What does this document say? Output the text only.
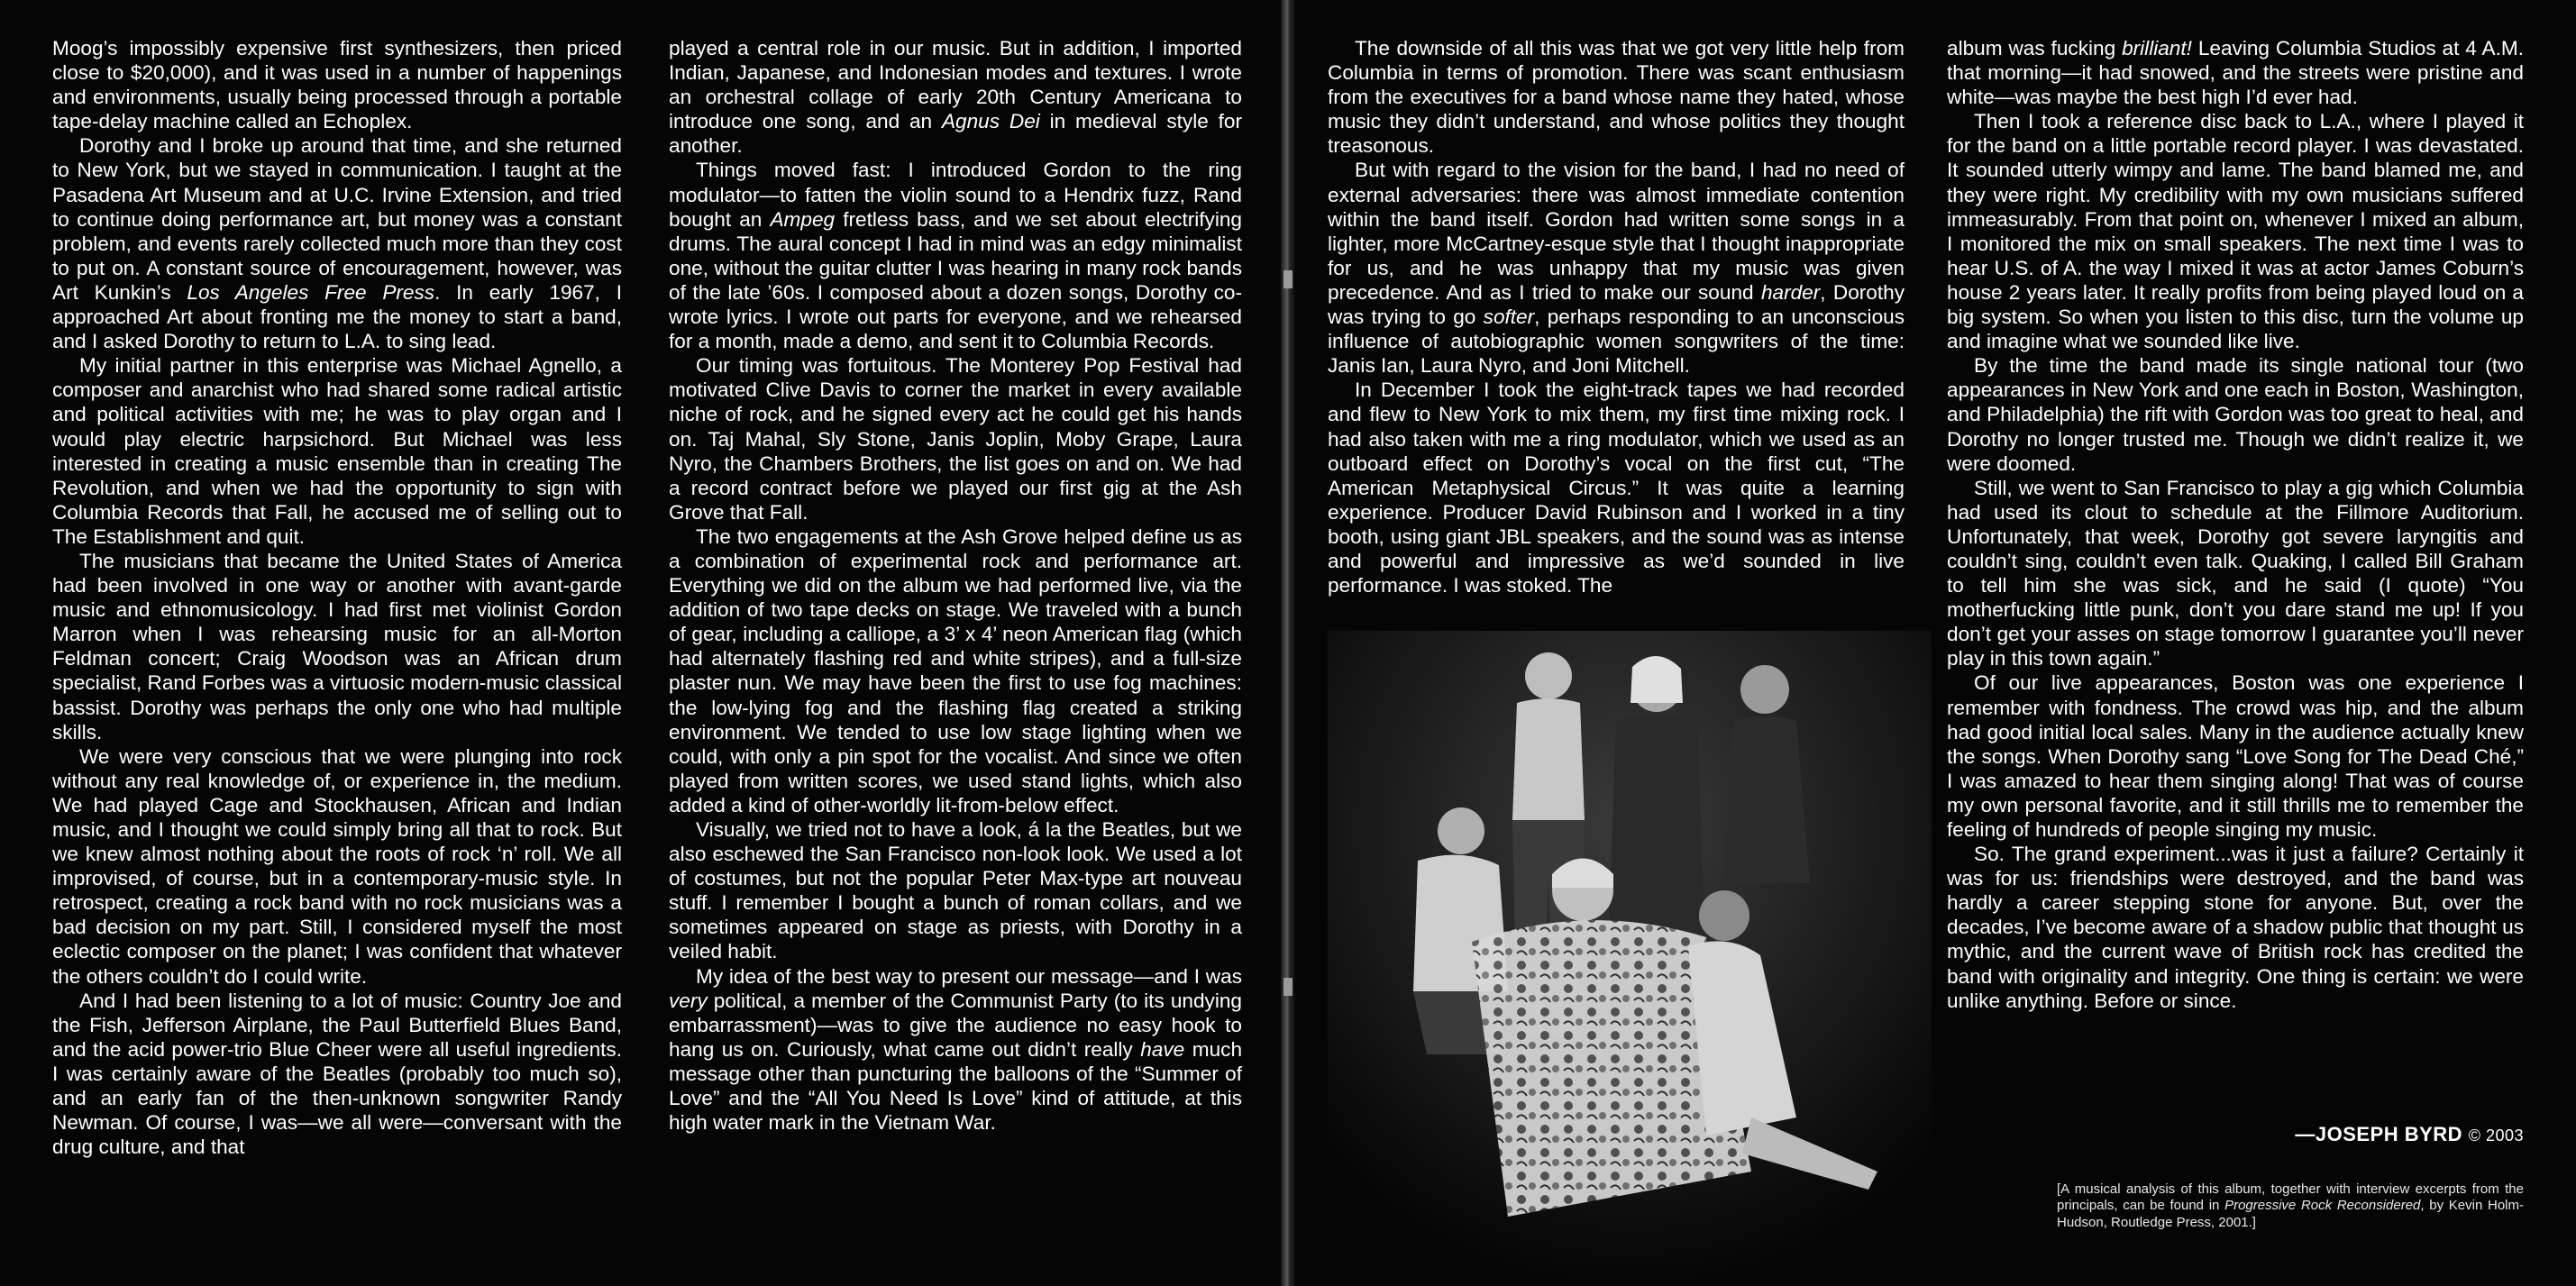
Moog’s impossibly expensive first synthesizers, then priced close to $20,000), and it was used in a number of happenings and environments, usually being processed through a portable tape-delay machine called an Echoplex.

Dorothy and I broke up around that time, and she returned to New York, but we stayed in communication. I taught at the Pasadena Art Museum and at U.C. Irvine Extension, and tried to continue doing performance art, but money was a constant problem, and events rarely collected much more than they cost to put on. A constant source of encouragement, however, was Art Kunkin’s Los Angeles Free Press. In early 1967, I approached Art about fronting me the money to start a band, and I asked Dorothy to return to L.A. to sing lead.

My initial partner in this enterprise was Michael Agnello, a composer and anarchist who had shared some radical artistic and political activities with me; he was to play organ and I would play electric harpsichord. But Michael was less interested in creating a music ensemble than in creating The Revolution, and when we had the opportunity to sign with Columbia Records that Fall, he accused me of selling out to The Establishment and quit.

The musicians that became the United States of America had been involved in one way or another with avant-garde music and ethnomusicology. I had first met violinist Gordon Marron when I was rehearsing music for an all-Morton Feldman concert; Craig Woodson was an African drum specialist, Rand Forbes was a virtuosic modern-music classical bassist. Dorothy was perhaps the only one who had multiple skills.

We were very conscious that we were plunging into rock without any real knowledge of, or experience in, the medium. We had played Cage and Stockhausen, African and Indian music, and I thought we could simply bring all that to rock. But we knew almost nothing about the roots of rock ‘n’ roll. We all improvised, of course, but in a contemporary-music style. In retrospect, creating a rock band with no rock musicians was a bad decision on my part. Still, I considered myself the most eclectic composer on the planet; I was confident that whatever the others couldn’t do I could write.

And I had been listening to a lot of music: Country Joe and the Fish, Jefferson Airplane, the Paul Butterfield Blues Band, and the acid power-trio Blue Cheer were all useful ingredients. I was certainly aware of the Beatles (probably too much so), and an early fan of the then-unknown songwriter Randy Newman. Of course, I was—we all were—conversant with the drug culture, and that

played a central role in our music. But in addition, I imported Indian, Japanese, and Indonesian modes and textures. I wrote an orchestral collage of early 20th Century Americana to introduce one song, and an Agnus Dei in medieval style for another.

Things moved fast: I introduced Gordon to the ring modulator—to fatten the violin sound to a Hendrix fuzz, Rand bought an Ampeg fretless bass, and we set about electrifying drums. The aural concept I had in mind was an edgy minimalist one, without the guitar clutter I was hearing in many rock bands of the late ’60s. I composed about a dozen songs, Dorothy co-wrote lyrics. I wrote out parts for everyone, and we rehearsed for a month, made a demo, and sent it to Columbia Records.

Our timing was fortuitous. The Monterey Pop Festival had motivated Clive Davis to corner the market in every available niche of rock, and he signed every act he could get his hands on. Taj Mahal, Sly Stone, Janis Joplin, Moby Grape, Laura Nyro, the Chambers Brothers, the list goes on and on. We had a record contract before we played our first gig at the Ash Grove that Fall.

The two engagements at the Ash Grove helped define us as a combination of experimental rock and performance art. Everything we did on the album we had performed live, via the addition of two tape decks on stage. We traveled with a bunch of gear, including a calliope, a 3’ x 4’ neon American flag (which had alternately flashing red and white stripes), and a full-size plaster nun. We may have been the first to use fog machines: the low-lying fog and the flashing flag created a striking environment. We tended to use low stage lighting when we could, with only a pin spot for the vocalist. And since we often played from written scores, we used stand lights, which also added a kind of other-worldly lit-from-below effect.

Visually, we tried not to have a look, á la the Beatles, but we also eschewed the San Francisco non-look look. We used a lot of costumes, but not the popular Peter Max-type art nouveau stuff. I remember I bought a bunch of roman collars, and we sometimes appeared on stage as priests, with Dorothy in a veiled habit.

My idea of the best way to present our message—and I was very political, a member of the Communist Party (to its undying embarrassment)—was to give the audience no easy hook to hang us on. Curiously, what came out didn’t really have much message other than puncturing the balloons of the “Summer of Love” and the “All You Need Is Love” kind of attitude, at this high water mark in the Vietnam War.

The downside of all this was that we got very little help from Columbia in terms of promotion. There was scant enthusiasm from the executives for a band whose name they hated, whose music they didn’t understand, and whose politics they thought treasonous.

But with regard to the vision for the band, I had no need of external adversaries: there was almost immediate contention within the band itself. Gordon had written some songs in a lighter, more McCartney-esque style that I thought inappropriate for us, and he was unhappy that my music was given precedence. And as I tried to make our sound harder, Dorothy was trying to go softer, perhaps responding to an unconscious influence of autobiographic women songwriters of the time: Janis Ian, Laura Nyro, and Joni Mitchell.

In December I took the eight-track tapes we had recorded and flew to New York to mix them, my first time mixing rock. I had also taken with me a ring modulator, which we used as an outboard effect on Dorothy’s vocal on the first cut, “The American Metaphysical Circus.” It was quite a learning experience. Producer David Rubinson and I worked in a tiny booth, using giant JBL speakers, and the sound was as intense and powerful and impressive as we’d sounded in live performance. I was stoked. The

album was fucking brilliant! Leaving Columbia Studios at 4 A.M. that morning—it had snowed, and the streets were pristine and white—was maybe the best high I’d ever had.

Then I took a reference disc back to L.A., where I played it for the band on a little portable record player. I was devastated. It sounded utterly wimpy and lame. The band blamed me, and they were right. My credibility with my own musicians suffered immeasurably. From that point on, whenever I mixed an album, I monitored the mix on small speakers. The next time I was to hear U.S. of A. the way I mixed it was at actor James Coburn’s house 2 years later. It really profits from being played loud on a big system. So when you listen to this disc, turn the volume up and imagine what we sounded like live.

By the time the band made its single national tour (two appearances in New York and one each in Boston, Washington, and Philadelphia) the rift with Gordon was too great to heal, and Dorothy no longer trusted me. Though we didn’t realize it, we were doomed.

Still, we went to San Francisco to play a gig which Columbia had used its clout to schedule at the Fillmore Auditorium. Unfortunately, that week, Dorothy got severe laryngitis and couldn’t sing, couldn’t even talk. Quaking, I called Bill Graham to tell him she was sick, and he said (I quote) “You motherfucking little punk, don’t you dare stand me up! If you don’t get your asses on stage tomorrow I guarantee you’ll never play in this town again.”

Of our live appearances, Boston was one experience I remember with fondness. The crowd was hip, and the album had good initial local sales. Many in the audience actually knew the songs. When Dorothy sang “Love Song for The Dead Ché,” I was amazed to hear them singing along! That was of course my own personal favorite, and it still thrills me to remember the feeling of hundreds of people singing my music.

So. The grand experiment...was it just a failure? Certainly it was for us: friendships were destroyed, and the band was hardly a career stepping stone for anyone. But, over the decades, I’ve become aware of a shadow public that thought us mythic, and the current wave of British rock has credited the band with originality and integrity. One thing is certain: we were unlike anything. Before or since.

—JOSEPH BYRD © 2003
[A musical analysis of this album, together with interview excerpts from the principals, can be found in Progressive Rock Reconsidered, by Kevin Holm-Hudson, Routledge Press, 2001.]
